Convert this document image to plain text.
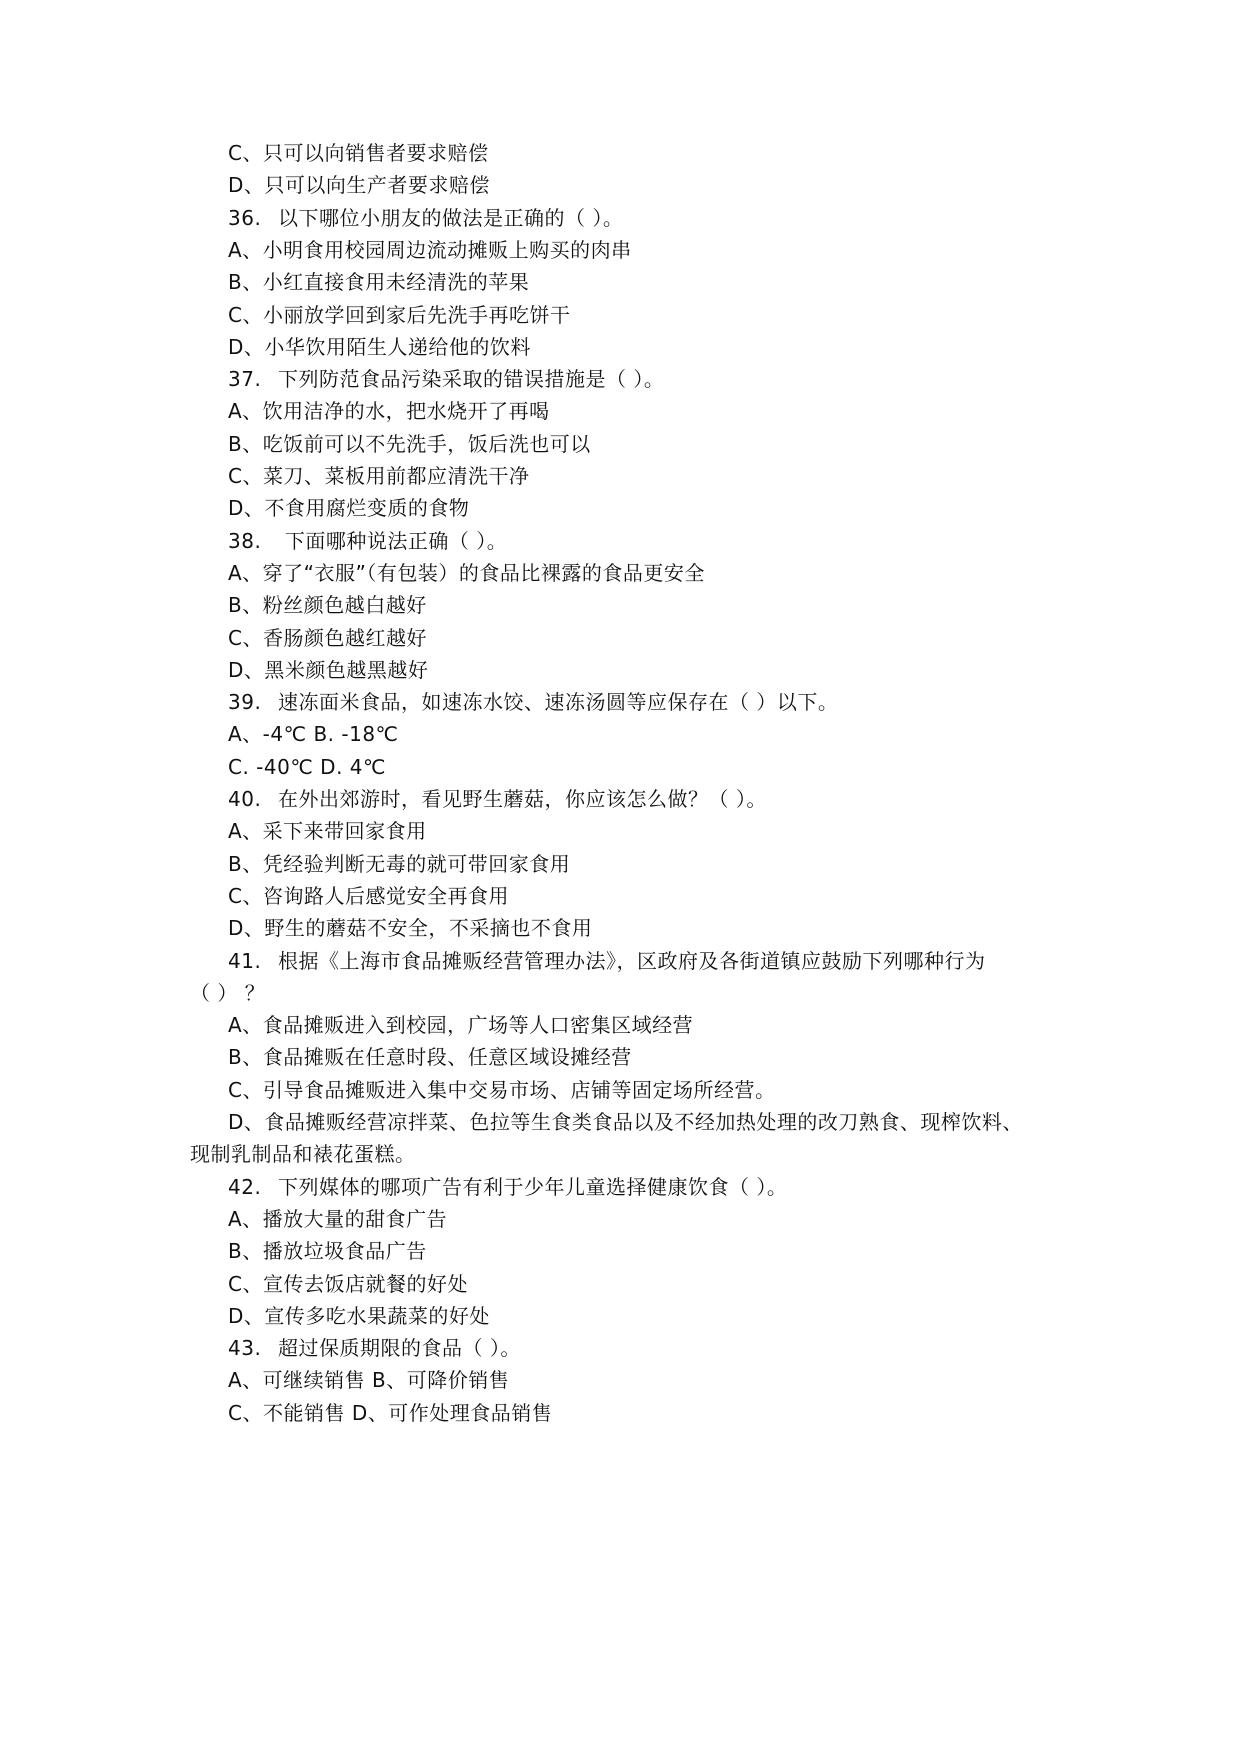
C、只可以向销售者要求赔偿
D、只可以向生产者要求赔偿
36. 以下哪位小朋友的做法是正确的（ ）。
A、小明食用校园周边流动摊贩上购买的肉串
B、小红直接食用未经清洗的苹果
C、小丽放学回到家后先洗手再吃饼干
D、小华饮用陌生人递给他的饮料
37. 下列防范食品污染采取的错误措施是（ ）。
A、饮用洁净的水，把水烧开了再喝
B、吃饭前可以不先洗手，饭后洗也可以
C、菜刀、菜板用前都应清洗干净
D、不食用腐烂变质的食物
38. 下面哪种说法正确（ ）。
A、穿了“衣服”（有包装）的食品比裸露的食品更安全
B、粉丝颜色越白越好
C、香肠颜色越红越好
D、黑米颜色越黑越好
39. 速冻面米食品，如速冻水饺、速冻汤圆等应保存在（ ）以下。
A、-4℃ B. -18℃
C. -40℃ D. 4℃
40. 在外出郊游时，看见野生蘑菇，你应该怎么做？（ ）。
A、采下来带回家食用
B、凭经验判断无毒的就可带回家食用
C、咨询路人后感觉安全再食用
D、野生的蘑菇不安全，不采摘也不食用
41. 根据《上海市食品摊贩经营管理办法》，区政府及各街道镇应鼓励下列哪种行为
（ ） ？
A、食品摊贩进入到校园，广场等人口密集区域经营
B、食品摊贩在任意时段、任意区域设摊经营
C、引导食品摊贩进入集中交易市场、店铺等固定场所经营。
D、食品摊贩经营凉拌菜、色拉等生食类食品以及不经加热处理的改刀熟食、现榨饮料、
现制乳制品和裱花蛋糕。
42. 下列媒体的哪项广告有利于少年儿童选择健康饮食（ ）。
A、播放大量的甜食广告
B、播放垃圾食品广告
C、宣传去饭店就餐的好处
D、宣传多吃水果蔬菜的好处
43. 超过保质期限的食品（ ）。
A、可继续销售 B、可降价销售
C、不能销售 D、可作处理食品销售
